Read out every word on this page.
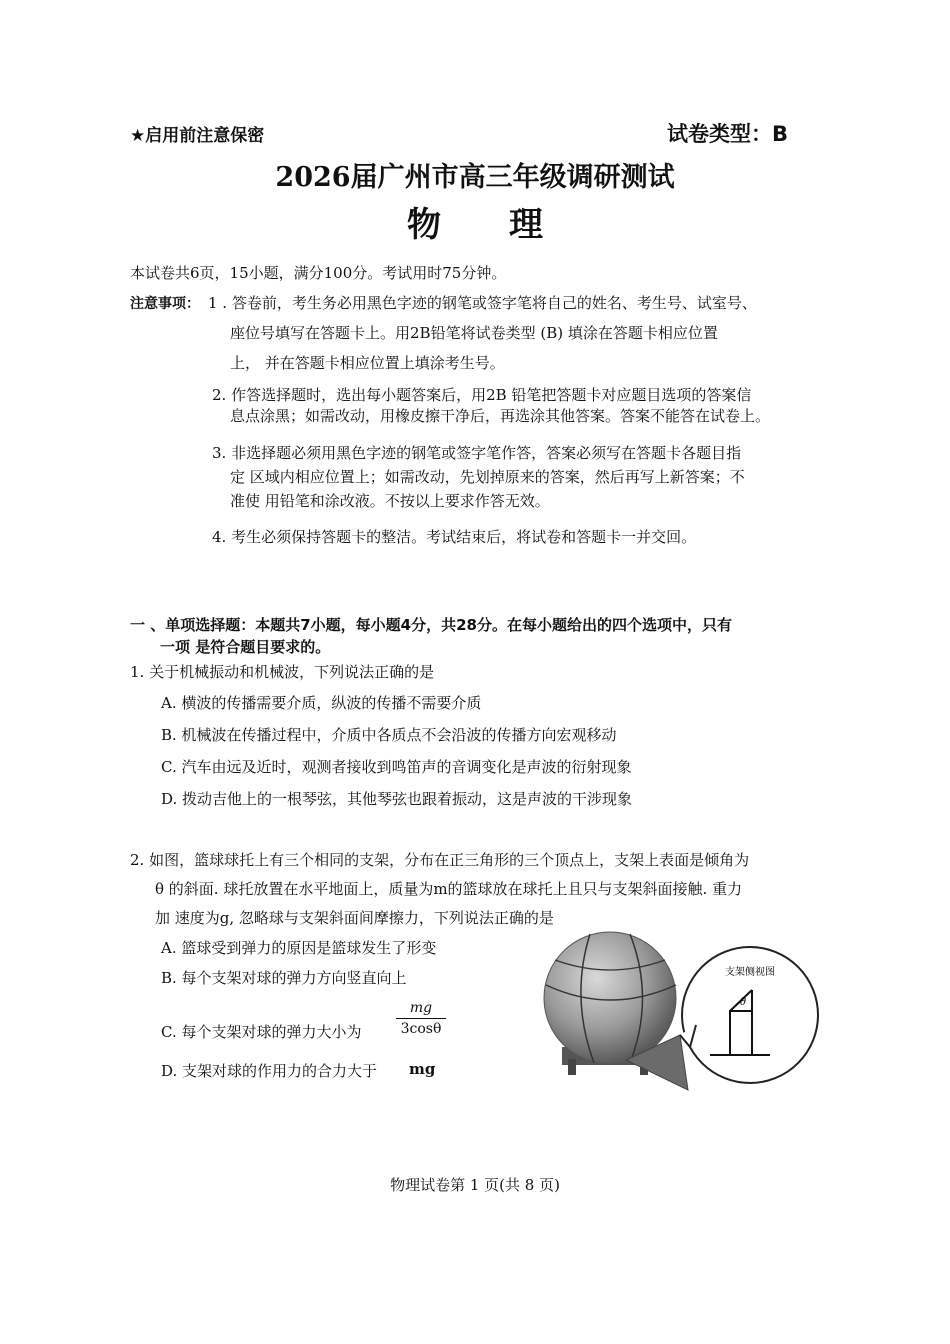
★启用前注意保密	试卷类型：B
2026届广州市高三年级调研测试
物　　理
本试卷共6页，15小题，满分100分。考试用时75分钟。
注意事项： 1 . 答卷前，考生务必用黑色字迹的钢笔或签字笔将自己的姓名、考生号、试室号、
座位号填写在答题卡上。用2B铅笔将试卷类型 (B) 填涂在答题卡相应位置
上， 并在答题卡相应位置上填涂考生号。
2. 作答选择题时，选出每小题答案后，用2B 铅笔把答题卡对应题目选项的答案信
息点涂黑；如需改动，用橡皮擦干净后，再选涂其他答案。答案不能答在试卷上。
3. 非选择题必须用黑色字迹的钢笔或签字笔作答，答案必须写在答题卡各题目指
定 区域内相应位置上；如需改动，先划掉原来的答案，然后再写上新答案；不
准使 用铅笔和涂改液。不按以上要求作答无效。
4. 考生必须保持答题卡的整洁。考试结束后，将试卷和答题卡一并交回。
一 、单项选择题：本题共7小题，每小题4分，共28分。在每小题给出的四个选项中，只有
一项 是符合题目要求的。
1. 关于机械振动和机械波，下列说法正确的是
A. 横波的传播需要介质，纵波的传播不需要介质
B. 机械波在传播过程中，介质中各质点不会沿波的传播方向宏观移动
C. 汽车由远及近时，观测者接收到鸣笛声的音调变化是声波的衍射现象
D. 拨动吉他上的一根琴弦，其他琴弦也跟着振动，这是声波的干涉现象
2. 如图，篮球球托上有三个相同的支架，分布在正三角形的三个顶点上，支架上表面是倾角为
θ 的斜面. 球托放置在水平地面上，质量为m的篮球放在球托上且只与支架斜面接触. 重力
加 速度为g, 忽略球与支架斜面间摩擦力，下列说法正确的是
A. 篮球受到弹力的原因是篮球发生了形变
B. 每个支架对球的弹力方向竖直向上
C. 每个支架对球的弹力大小为
mg
3cosθ
D. 支架对球的作用力的合力大于 mg
θ
支架侧视图
物理试卷第 1 页(共 8 页)
